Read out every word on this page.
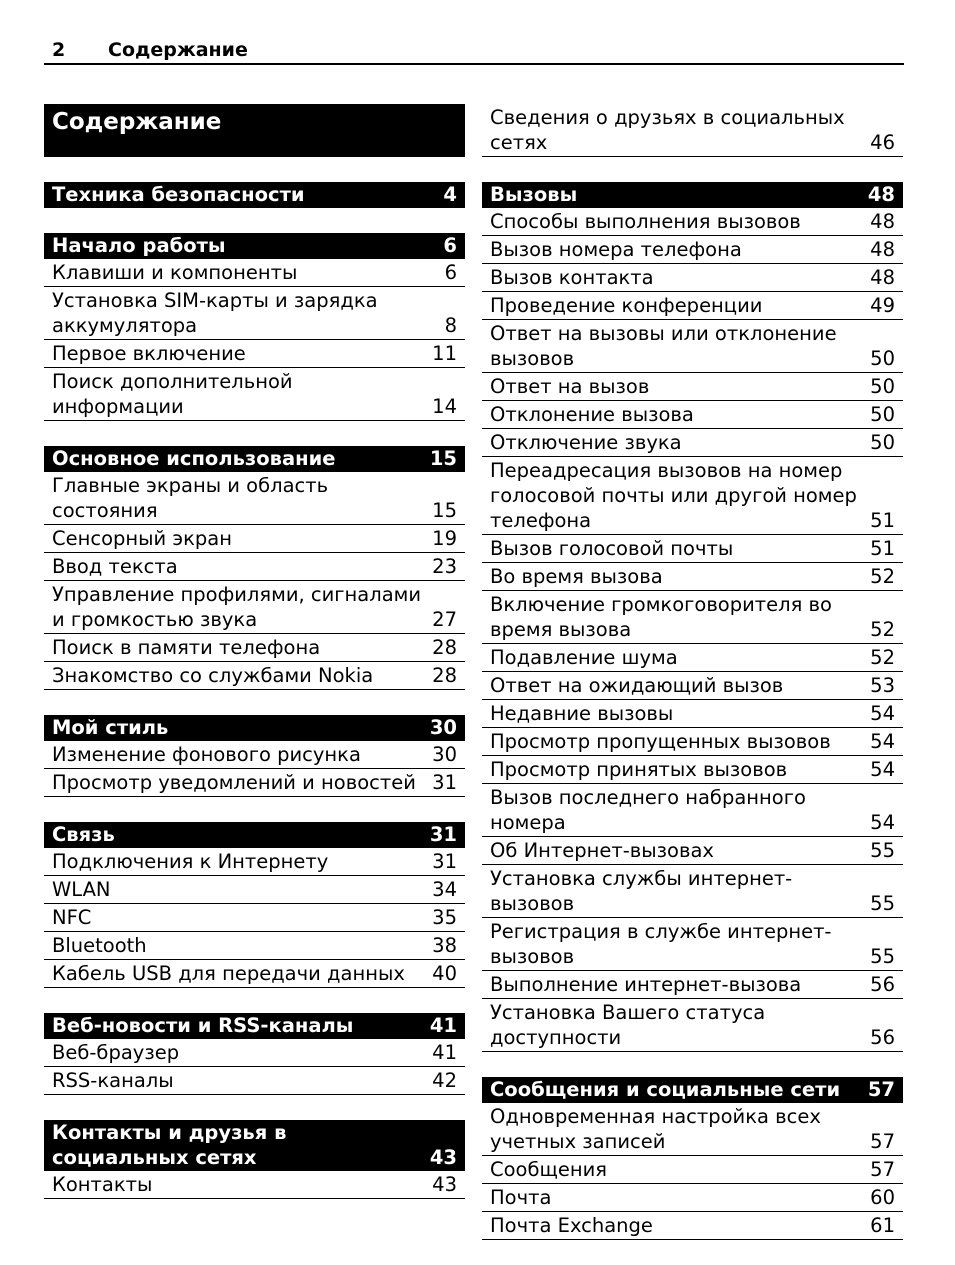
2 Содержание
Содержание
Техника безопасности	4
Начало работы	6
Клавиши и компоненты	6
Установка SIM-карты и зарядка аккумулятора	8
Первое включение	11
Поиск дополнительной информации	14
Основное использование	15
Главные экраны и область состояния	15
Сенсорный экран	19
Ввод текста	23
Управление профилями, сигналами и громкостью звука	27
Поиск в памяти телефона	28
Знакомство со службами Nokia	28
Мой стиль	30
Изменение фонового рисунка	30
Просмотр уведомлений и новостей 31
Связь	31
Подключения к Интернету	31
WLAN	34
NFC	35
Bluetooth	38
Кабель USB для передачи данных 40
Веб-новости и RSS-каналы	41
Веб-браузер	41
RSS-каналы	42
Контакты и друзья в социальных сетях	43
Контакты	43
Сведения о друзьях в социальных сетях	46
Вызовы	48
Способы выполнения вызовов	48
Вызов номера телефона	48
Вызов контакта	48
Проведение конференции	49
Ответ на вызовы или отклонение вызовов	50
Ответ на вызов	50
Отклонение вызова	50
Отключение звука	50
Переадресация вызовов на номер голосовой почты или другой номер телефона	51
Вызов голосовой почты	51
Во время вызова	52
Включение громкоговорителя во время вызова	52
Подавление шума	52
Ответ на ожидающий вызов	53
Недавние вызовы	54
Просмотр пропущенных вызовов 54
Просмотр принятых вызовов	54
Вызов последнего набранного номера	54
Об Интернет-вызовах	55
Установка службы интернет-вызовов	55
Регистрация в службе интернет-вызовов	55
Выполнение интернет-вызова	56
Установка Вашего статуса доступности	56
Сообщения и социальные сети 57
Одновременная настройка всех учетных записей	57
Сообщения	57
Почта	60
Почта Exchange	61
